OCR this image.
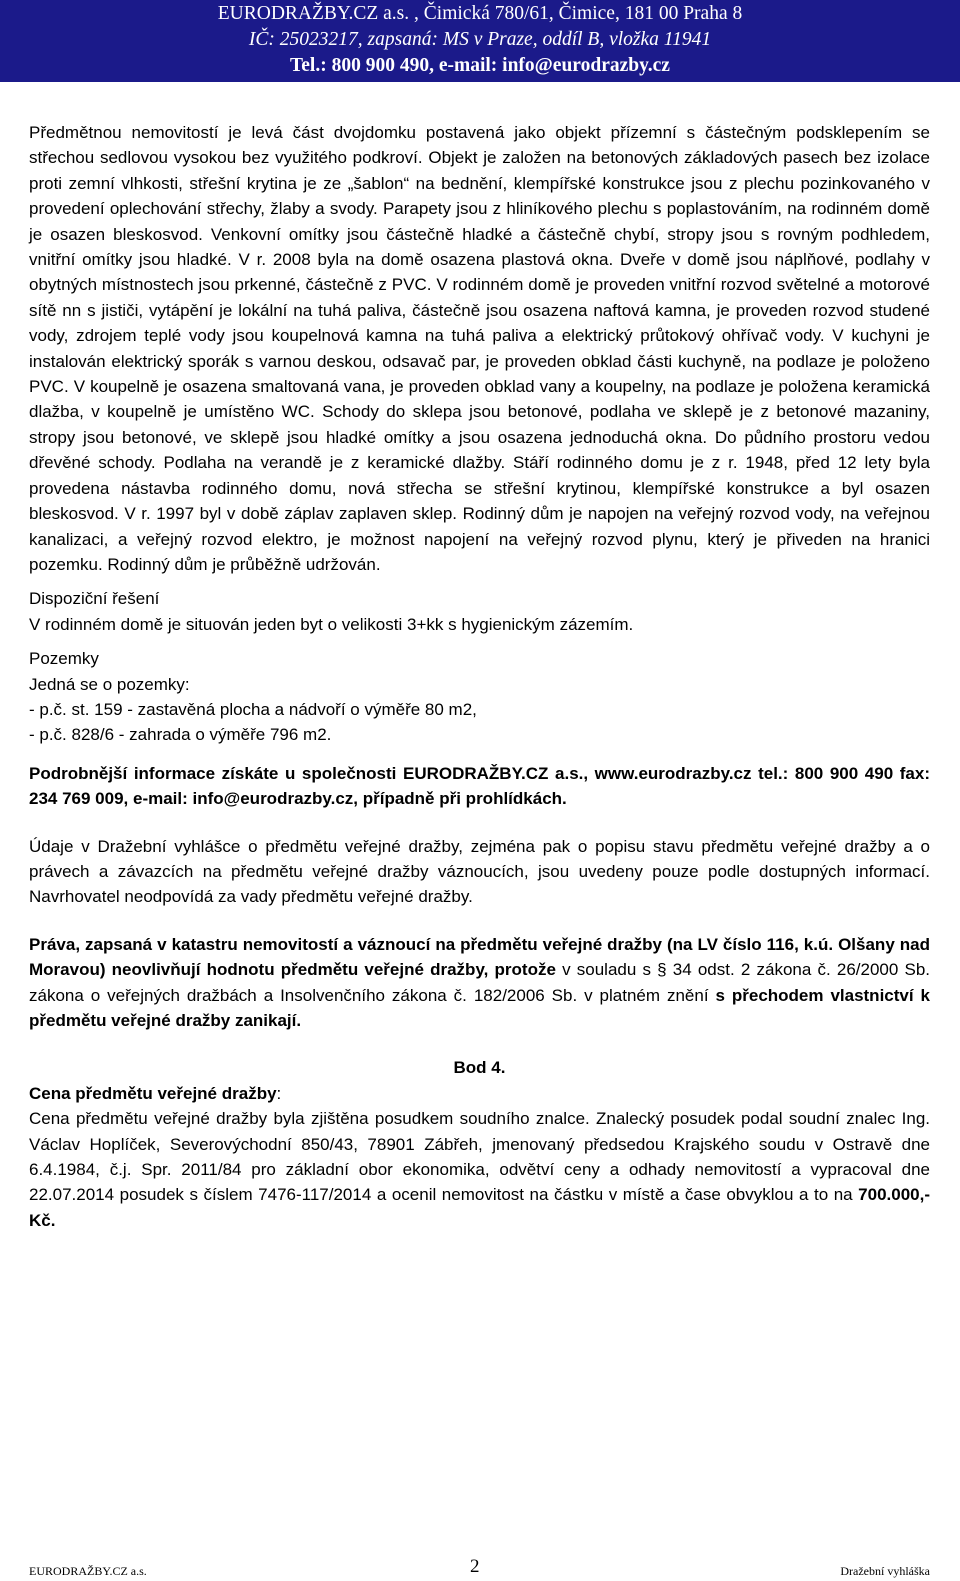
EURODRAŽBY.CZ a.s. , Čimická 780/61, Čimice, 181 00 Praha 8
IČ: 25023217, zapsaná: MS v Praze, oddíl B, vložka 11941
Tel.: 800 900 490, e-mail: info@eurodrazby.cz

Předmětnou nemovitostí je levá část dvojdomku postavená jako objekt přízemní s částečným podsklepením se střechou sedlovou vysokou bez využitého podkroví. Objekt je založen na betonových základových pasech bez izolace proti zemní vlhkosti, střešní krytina je ze „šablon“ na bednění, klempířské konstrukce jsou z plechu pozinkovaného v provedení oplechování střechy, žlaby a svody. Parapety jsou z hliníkového plechu s poplastováním, na rodinném domě je osazen bleskosvod. Venkovní omítky jsou částečně hladké a částečně chybí, stropy jsou s rovným podhledem, vnitřní omítky jsou hladké. V r. 2008 byla na domě osazena plastová okna. Dveře v domě jsou náplňové, podlahy v obytných místnostech jsou prkenné, částečně z PVC. V rodinném domě je proveden vnitřní rozvod světelné a motorové sítě nn s jističi, vytápění je lokální na tuhá paliva, částečně jsou osazena naftová kamna, je proveden rozvod studené vody, zdrojem teplé vody jsou koupelnová kamna na tuhá paliva a elektrický průtokový ohřívač vody. V kuchyni je instalován elektrický sporák s varnou deskou, odsavač par, je proveden obklad části kuchyně, na podlaze je položeno PVC. V koupelně je osazena smaltovaná vana, je proveden obklad vany a koupelny, na podlaze je položena keramická dlažba, v koupelně je umístěno WC. Schody do sklepa jsou betonové, podlaha ve sklepě je z betonové mazaniny, stropy jsou betonové, ve sklepě jsou hladké omítky a jsou osazena jednoduchá okna. Do půdního prostoru vedou dřevěné schody. Podlaha na verandě je z keramické dlažby. Stáří rodinného domu je z r. 1948, před 12 lety byla provedena nástavba rodinného domu, nová střecha se střešní krytinou, klempířské konstrukce a byl osazen bleskosvod. V r. 1997 byl v době záplav zaplaven sklep. Rodinný dům je napojen na veřejný rozvod vody, na veřejnou kanalizaci, a veřejný rozvod elektro, je možnost napojení na veřejný rozvod plynu, který je přiveden na hranici pozemku. Rodinný dům je průběžně udržován.

Dispoziční řešení

V rodinném domě je situován jeden byt o velikosti 3+kk s hygienickým zázemím.

Pozemky

Jedná se o pozemky:

- p.č. st. 159 - zastavěná plocha a nádvoří o výměře 80 m2,

- p.č. 828/6 - zahrada o výměře 796 m2.

Podrobnější informace získáte u společnosti EURODRAŽBY.CZ a.s., www.eurodrazby.cz tel.: 800 900 490 fax: 234 769 009, e-mail: info@eurodrazby.cz, případně při prohlídkách.

Údaje v Dražební vyhlášce o předmětu veřejné dražby, zejména pak o popisu stavu předmětu veřejné dražby a o právech a závazcích na předmětu veřejné dražby váznoucích, jsou uvedeny pouze podle dostupných informací. Navrhovatel neodpovídá za vady předmětu veřejné dražby.

Práva, zapsaná v katastru nemovitostí a váznoucí na předmětu veřejné dražby (na LV číslo 116, k.ú. Olšany nad Moravou) neovlivňují hodnotu předmětu veřejné dražby, protože v souladu s § 34 odst. 2 zákona č. 26/2000 Sb. zákona o veřejných dražbách a Insolvenčního zákona č. 182/2006 Sb. v platném znění s přechodem vlastnictví k předmětu veřejné dražby zanikají.

Bod 4.

Cena předmětu veřejné dražby:

Cena předmětu veřejné dražby byla zjištěna posudkem soudního znalce. Znalecký posudek podal soudní znalec Ing. Václav Hoplíček, Severovýchodní 850/43, 78901 Zábřeh, jmenovaný předsedou Krajského soudu v Ostravě dne 6.4.1984, č.j. Spr. 2011/84 pro základní obor ekonomika, odvětví ceny a odhady nemovitostí a vypracoval dne 22.07.2014 posudek s číslem 7476-117/2014 a ocenil nemovitost na částku v místě a čase obvyklou a to na 700.000,- Kč.

EURODRAŽBY.CZ a.s.	2	Dražební vyhláška
